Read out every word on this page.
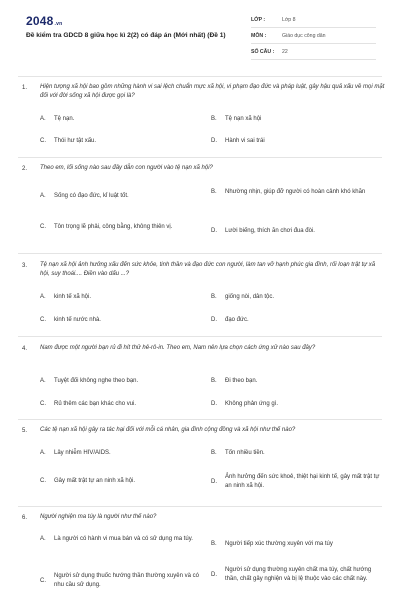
2048.vn
Đề kiểm tra GDCD 8 giữa học kì 2(2) có đáp án (Mới nhất) (Đề 1)
LỚP :	Lớp 8
MÔN :	Giáo dục công dân
SỐ CÂU :	22
1. Hiện tượng xã hội bao gồm những hành vi sai lệch chuẩn mực xã hội, vi phạm đạo đức và pháp luật, gây hậu quả xấu về mọi mặt đối với đời sống xã hội được gọi là?
A.	Tệ nạn.	B.	Tệ nạn xã hội
C.	Thói hư tật xấu.	D.	Hành vi sai trái
2. Theo em, lối sống nào sau đây dẫn con người vào tệ nạn xã hội?
A.	Sống có đạo đức, kỉ luật tốt.
B.	Nhường nhịn, giúp đỡ người có hoàn cảnh khó khăn
C.	Tôn trọng lẽ phải, công bằng, không thiên vị.
D.	Lười biếng, thích ăn chơi đua đòi.
3. Tệ nạn xã hội ảnh hưởng xấu đến sức khỏe, tinh thần và đạo đức con người, làm tan vỡ hạnh phúc gia đình, rối loạn trật tự xã hội, suy thoái.... Điền vào dấu ...?
A.	kinh tế xã hội.	B.	giống nòi, dân tộc.
C.	kinh tế nước nhà.	D.	đạo đức.
4. Nam được một người bạn rủ đi hít thử hê-rô-in. Theo em, Nam nên lựa chọn cách ứng xử nào sau đây?
A.	Tuyệt đối không nghe theo bạn.	B.	Đi theo bạn.
C.	Rủ thêm các bạn khác cho vui.	D.	Không phản ứng gì.
5. Các tệ nạn xã hội gây ra tác hại đối với mỗi cá nhân, gia đình cộng đồng và xã hội như thế nào?
A.	Lây nhiễm HIV/AIDS.	B.	Tốn nhiều tiền.
C.	Gây mất trật tự an ninh xã hội.	D.
Ảnh hưởng đến sức khoẻ, thiệt hại kinh tế, gây mất trật tự an ninh xã hội.
6. Người nghiện ma túy là người như thế nào?
A.	Là người có hành vi mua bán và có sử dụng ma túy.
B.	Người tiếp xúc thường xuyên với ma túy
C.
Người sử dụng thuốc hướng thần thường xuyên và có nhu cầu sử dụng.
D.
Người sử dụng thường xuyên chất ma túy, chất hướng thần, chất gây nghiện và bị lệ thuộc vào các chất này.
